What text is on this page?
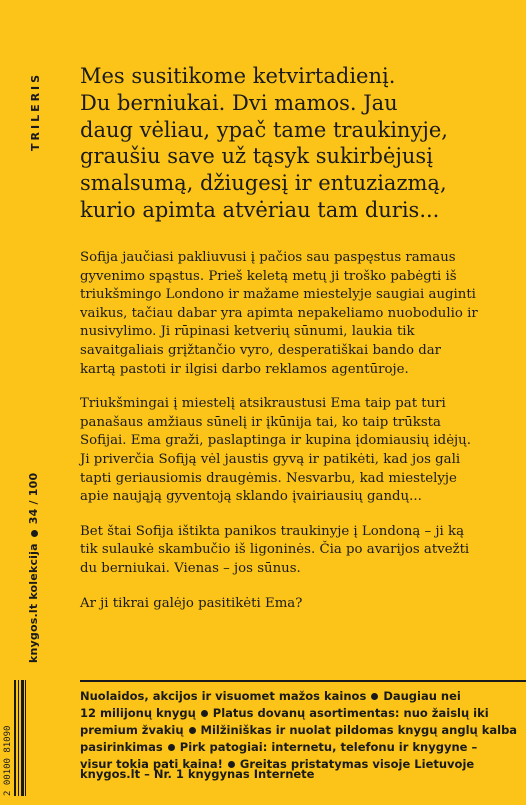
TRILERIS
knygos.lt kolekcija34 / 100
Mes susitikome ketvirtadienį.
Du berniukai. Dvi mamos. Jau
daug vėliau, ypač tame traukinyje,
graušiu save už tąsyk sukirbėjusį
smalsumą, džiugesį ir entuziazmą,
kurio apimta atvėriau tam duris...

Sofija jaučiasi pakliuvusi į pačios sau paspęstus ramaus gyvenimo spąstus. Prieš keletą metų ji troško pabėgti iš triukšmingo Londono ir mažame miestelyje saugiai auginti vaikus, tačiau dabar yra apimta nepakeliamo nuobodulio ir nusivylimo. Ji rūpinasi ketverių sūnumi, laukia tik savaitgaliais grįžtančio vyro, desperatiškai bando dar kartą pastoti ir ilgisi darbo reklamos agentūroje.

Triukšmingai į miestelį atsikraustusi Ema taip pat turi panašaus amžiaus sūnelį ir įkūnija tai, ko taip trūksta Sofijai. Ema graži, paslaptinga ir kupina įdomiausių idėjų. Ji priverčia Sofiją vėl jaustis gyvą ir patikėti, kad jos gali tapti geriausiomis draugėmis. Nesvarbu, kad miestelyje apie naująją gyventoją sklando įvairiausių gandų...

Bet štai Sofija ištikta panikos traukinyje į Londoną – ji ką tik sulaukė skambučio iš ligoninės. Čia po avarijos atvežti du berniukai. Vienas – jos sūnus.

Ar ji tikrai galėjo pasitikėti Ema?

Nuolaidos, akcijos ir visuomet mažos kainos Daugiau nei
12 milijonų knygų Platus dovanų asortimentas: nuo žaislų iki
premium žvakių Milžiniškas ir nuolat pildomas knygų anglų kalba
pasirinkimas Pirk patogiai: internetu, telefonu ir knygyne –
visur tokia pati kaina! Greitas pristatymas visoje Lietuvoje
knygos.lt – Nr. 1 knygynas Internete
2 00100 81090
